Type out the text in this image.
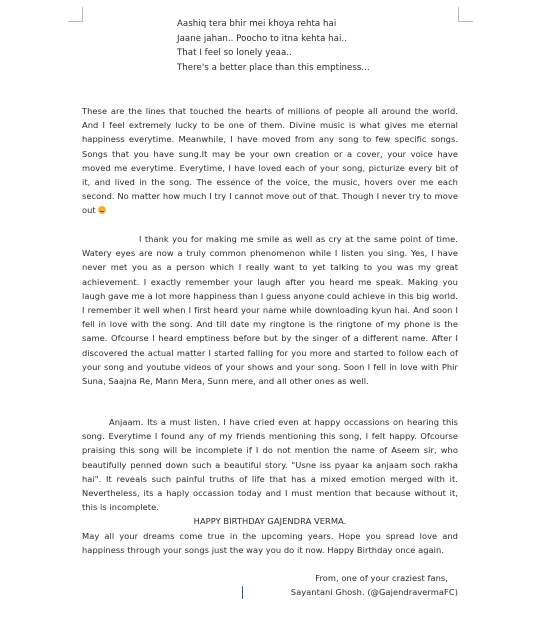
Aashiq tera bhir mei khoya rehta hai
Jaane jahan.. Poocho to itna kehta hai..
That I feel so lonely yeaa..
There's a better place than this emptiness...

These are the lines that touched the hearts of millions of people all around the world. And I feel extremely lucky to be one of them. Divine music is what gives me eternal happiness everytime. Meanwhile, I have moved from any song to few specific songs. Songs that you have sung.It may be your own creation or a cover, your voice have moved me everytime. Everytime, I have loved each of your song, picturize every bit of it, and lived in the song. The essence of the voice, the music, hovers over me each second. No matter how much I try I cannot move out of that. Though I never try to move out

I thank you for making me smile as well as cry at the same point of time. Watery eyes are now a truly common phenomenon while I listen you sing. Yes, I have never met you as a person which I really want to yet talking to you was my great achievement. I exactly remember your laugh after you heard me speak. Making you laugh gave me a lot more happiness than I guess anyone could achieve in this big world. I remember it well when I first heard your name while downloading kyun hai. And soon I fell in love with the song. And till date my ringtone is the ringtone of my phone is the same. Ofcourse I heard emptiness before but by the singer of a different name. After I discovered the actual matter I started falling for you more and started to follow each of your song and youtube videos of your shows and your song. Soon I fell in love with Phir Suna, Saajna Re, Mann Mera, Sunn mere, and all other ones as well.

Anjaam. Its a must listen. I have cried even at happy occassions on hearing this song. Everytime I found any of my friends mentioning this song, I felt happy. Ofcourse praising this song will be incomplete if I do not mention the name of Aseem sir, who beautifully penned down such a beautiful story. "Usne iss pyaar ka anjaam soch rakha hai". It reveals such painful truths of life that has a mixed emotion merged with it. Nevertheless, its a haply occassion today and I must mention that because without it, this is incomplete.

HAPPY BIRTHDAY GAJENDRA VERMA.

May all your dreams come true in the upcoming years. Hope you spread love and happiness through your songs just the way you do it now. Happy Birthday once again.

From, one of your craziest fans,
Sayantani Ghosh. (@GajendravermaFC)
